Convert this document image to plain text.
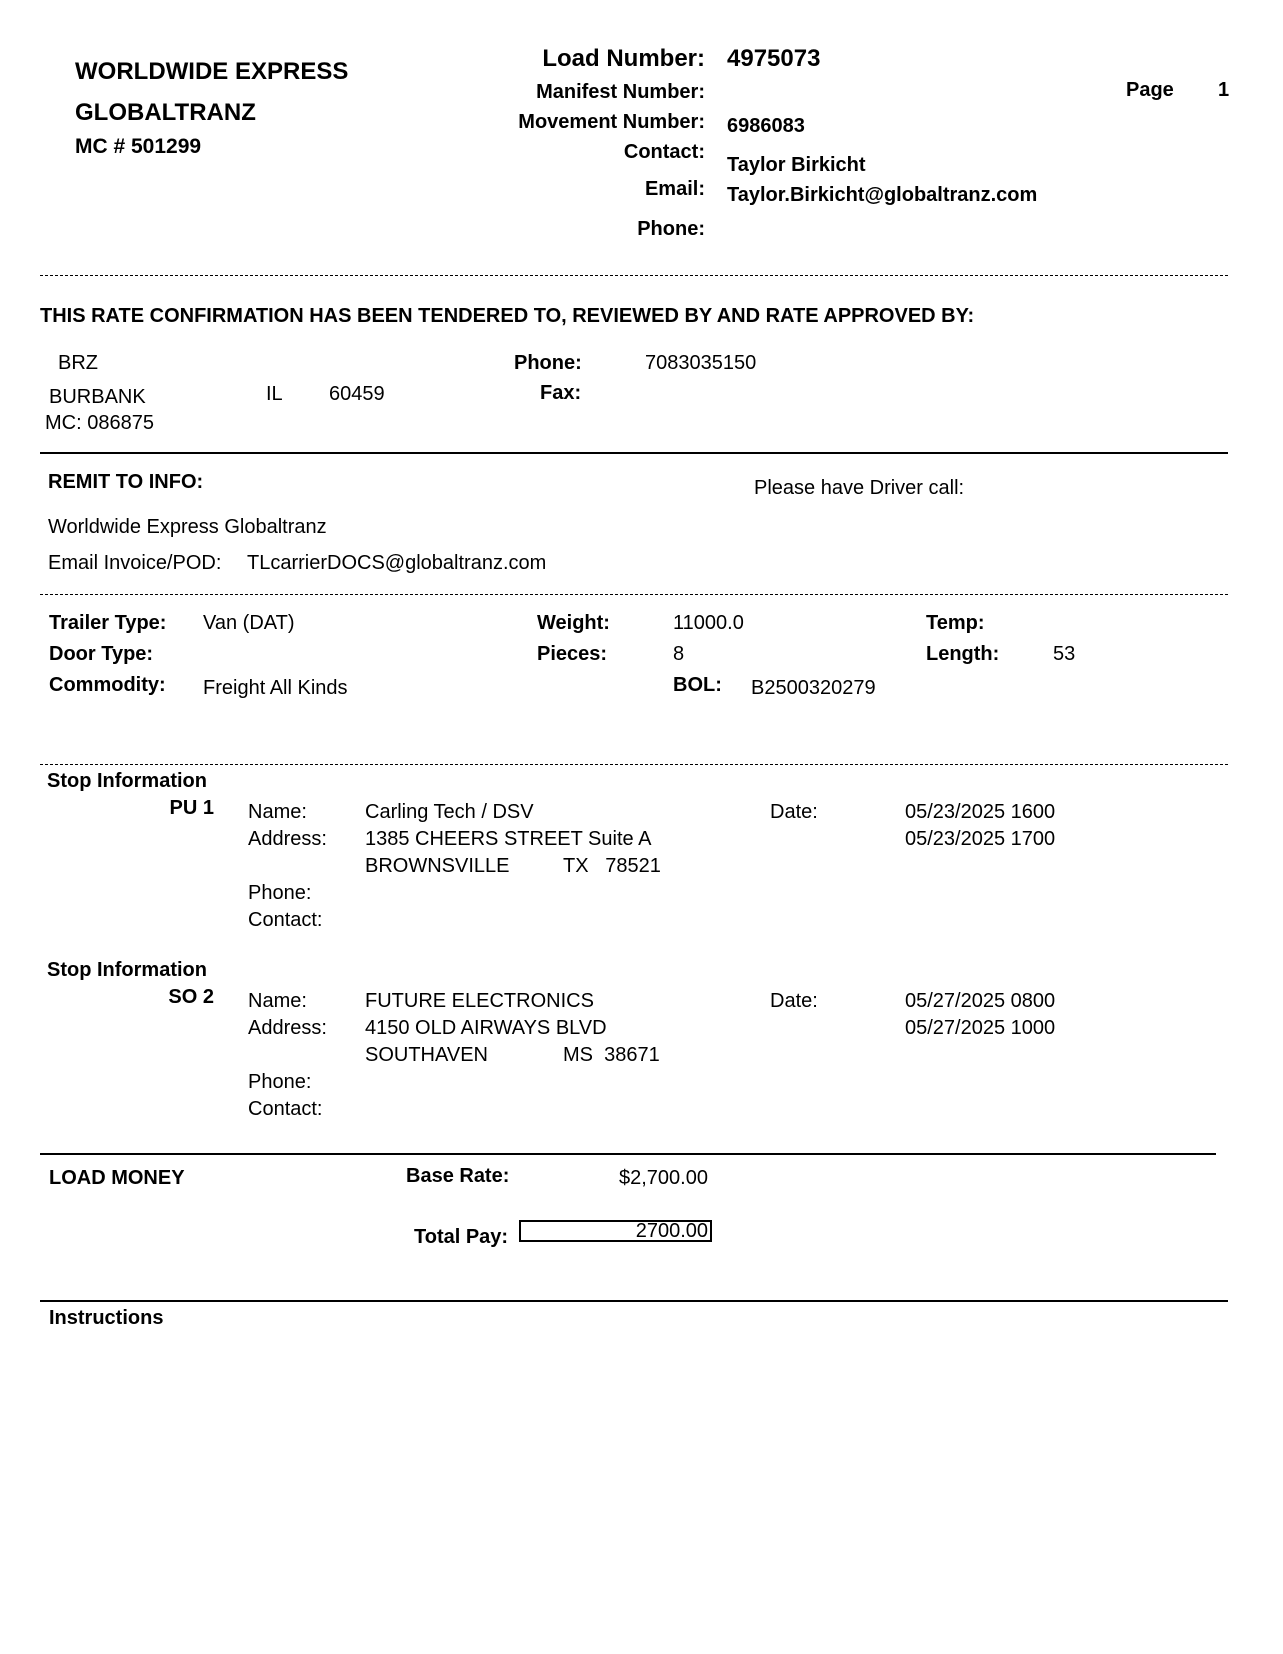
WORLDWIDE EXPRESS
GLOBALTRANZ
MC # 501299
Load Number: 4975073
Manifest Number:
Movement Number: 6986083
Contact:
Taylor Birkicht
Email: Taylor.Birkicht@globaltranz.com
Phone:
Page 1
THIS RATE CONFIRMATION HAS BEEN TENDERED TO, REVIEWED BY AND RATE APPROVED BY:
BRZ
BURBANK	IL 60459
MC: 086875
Phone:	7083035150
Fax:
REMIT TO INFO:	Please have Driver call:
Worldwide Express Globaltranz
Email Invoice/POD: TLcarrierDOCS@globaltranz.com
Trailer Type: Van (DAT)
Door Type:
Commodity: Freight All Kinds
Weight:	11000.0
Pieces:	8
BOL: B2500320279
Temp:
Length:	53
Stop Information
PU 1 Name:	Carling Tech / DSV
Address: 1385 CHEERS STREET Suite A
BROWNSVILLE	TX   78521
Phone:
Contact:
Date:	05/23/2025 1600
05/23/2025 1700
Stop Information
SO 2 Name:	FUTURE ELECTRONICS
Address: 4150 OLD AIRWAYS BLVD
SOUTHAVEN	MS  38671
Phone:
Contact:
Date:	05/27/2025 0800
05/27/2025 1000
LOAD MONEY	Base Rate:	$2,700.00
Total Pay:	2700.00
Instructions
